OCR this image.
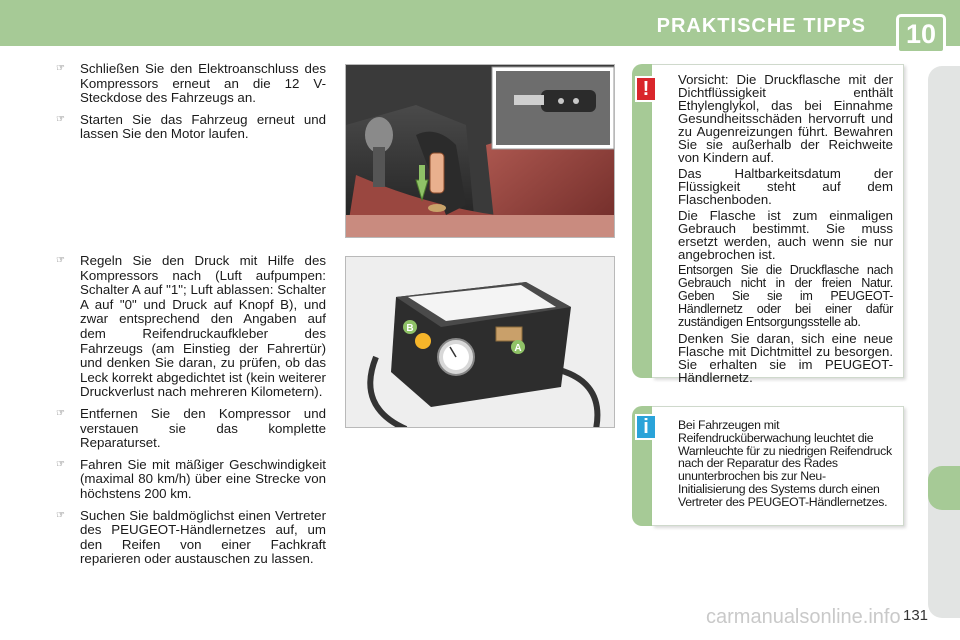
PRAKTISCHE TIPPS	10
☞	Schließen Sie den Elektroanschluss des Kompressors erneut an die 12 V-Steckdose des Fahrzeugs an.
☞	Starten Sie das Fahrzeug erneut und lassen Sie den Motor laufen.
☞	Regeln Sie den Druck mit Hilfe des Kompressors nach (Luft aufpumpen: Schalter A auf "1"; Luft ablassen: Schalter A auf "0" und Druck auf Knopf B), und zwar entsprechend den Angaben auf dem Reifendruckaufkleber des Fahrzeugs (am Einstieg der Fahrertür) und denken Sie daran, zu prüfen, ob das Leck korrekt abgedichtet ist (kein weiterer Druckverlust nach mehreren Kilometern).
☞	Entfernen Sie den Kompressor und verstauen sie das komplette Reparaturset.
☞	Fahren Sie mit mäßiger Geschwindigkeit (maximal 80 km/h) über eine Strecke von höchstens 200 km.
☞	Suchen Sie baldmöglichst einen Vertreter des PEUGEOT-Händlernetzes auf, um den Reifen von einer Fachkraft reparieren oder austauschen zu lassen.
B
A

Vorsicht: Die Druckflasche mit der Dichtflüssigkeit enthält Ethylenglykol, das bei Einnahme Gesundheitsschäden hervorruft und zu Augenreizungen führt. Bewahren Sie sie außerhalb der Reichweite von Kindern auf.

Das Haltbarkeitsdatum der Flüssigkeit steht auf dem Flaschenboden.

Die Flasche ist zum einmaligen Gebrauch bestimmt. Sie muss ersetzt werden, auch wenn sie nur angebrochen ist.

Entsorgen Sie die Druckflasche nach Gebrauch nicht in der freien Natur. Geben Sie sie im PEUGEOT-Händlernetz oder bei einer dafür zuständigen Entsorgungsstelle ab.

Denken Sie daran, sich eine neue Flasche mit Dichtmittel zu besorgen. Sie erhalten sie im PEUGEOT-Händlernetz.

!
Bei Fahrzeugen mit Reifendrucküberwachung leuchtet die Warnleuchte für zu niedrigen Reifendruck nach der Reparatur des Rades ununterbrochen bis zur Neu-Initialisierung des Systems durch einen Vertreter des PEUGEOT-Händlernetzes.
i
carmanualsonline.info 131
